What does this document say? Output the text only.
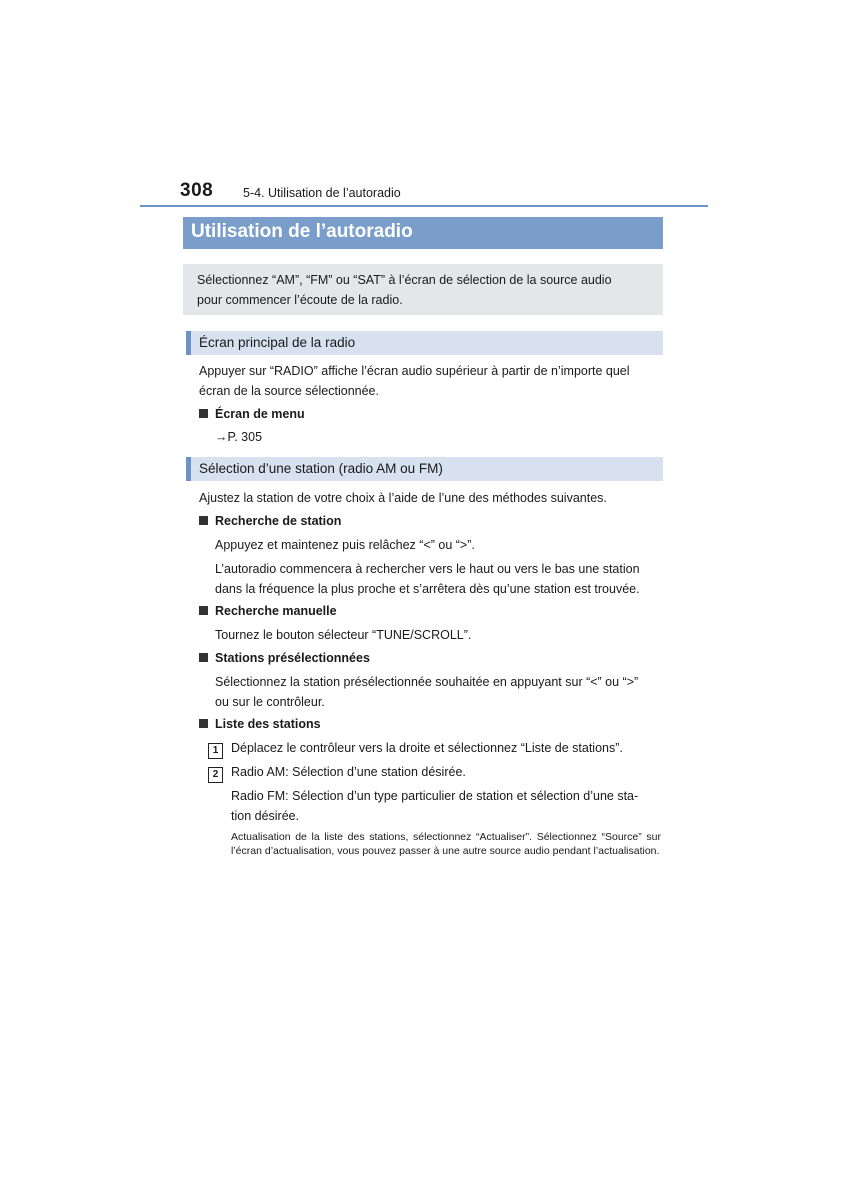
308 5-4. Utilisation de l’autoradio
Utilisation de l’autoradio
Sélectionnez “AM”, “FM” ou “SAT” à l’écran de sélection de la source audio
pour commencer l’écoute de la radio.
Écran principal de la radio
Appuyer sur “RADIO” affiche l’écran audio supérieur à partir de n’importe quel
écran de la source sélectionnée.
Écran de menu
→P. 305
Sélection d’une station (radio AM ou FM)
Ajustez la station de votre choix à l’aide de l’une des méthodes suivantes.
Recherche de station
Appuyez et maintenez puis relâchez “<” ou “>”.
L’autoradio commencera à rechercher vers le haut ou vers le bas une station
dans la fréquence la plus proche et s’arrêtera dès qu’une station est trouvée.
Recherche manuelle
Tournez le bouton sélecteur “TUNE/SCROLL”.
Stations présélectionnées
Sélectionnez la station présélectionnée souhaitée en appuyant sur “<” ou “>”
ou sur le contrôleur.
Liste des stations
1	Déplacez le contrôleur vers la droite et sélectionnez “Liste de stations”.
2	Radio AM: Sélection d’une station désirée.
Radio FM: Sélection d’un type particulier de station et sélection d’une sta-
tion désirée.
Actualisation de la liste des stations, sélectionnez “Actualiser”. Sélectionnez “Source” sur l’écran d’actualisation, vous pouvez passer à une autre source audio pendant l’actualisation.
